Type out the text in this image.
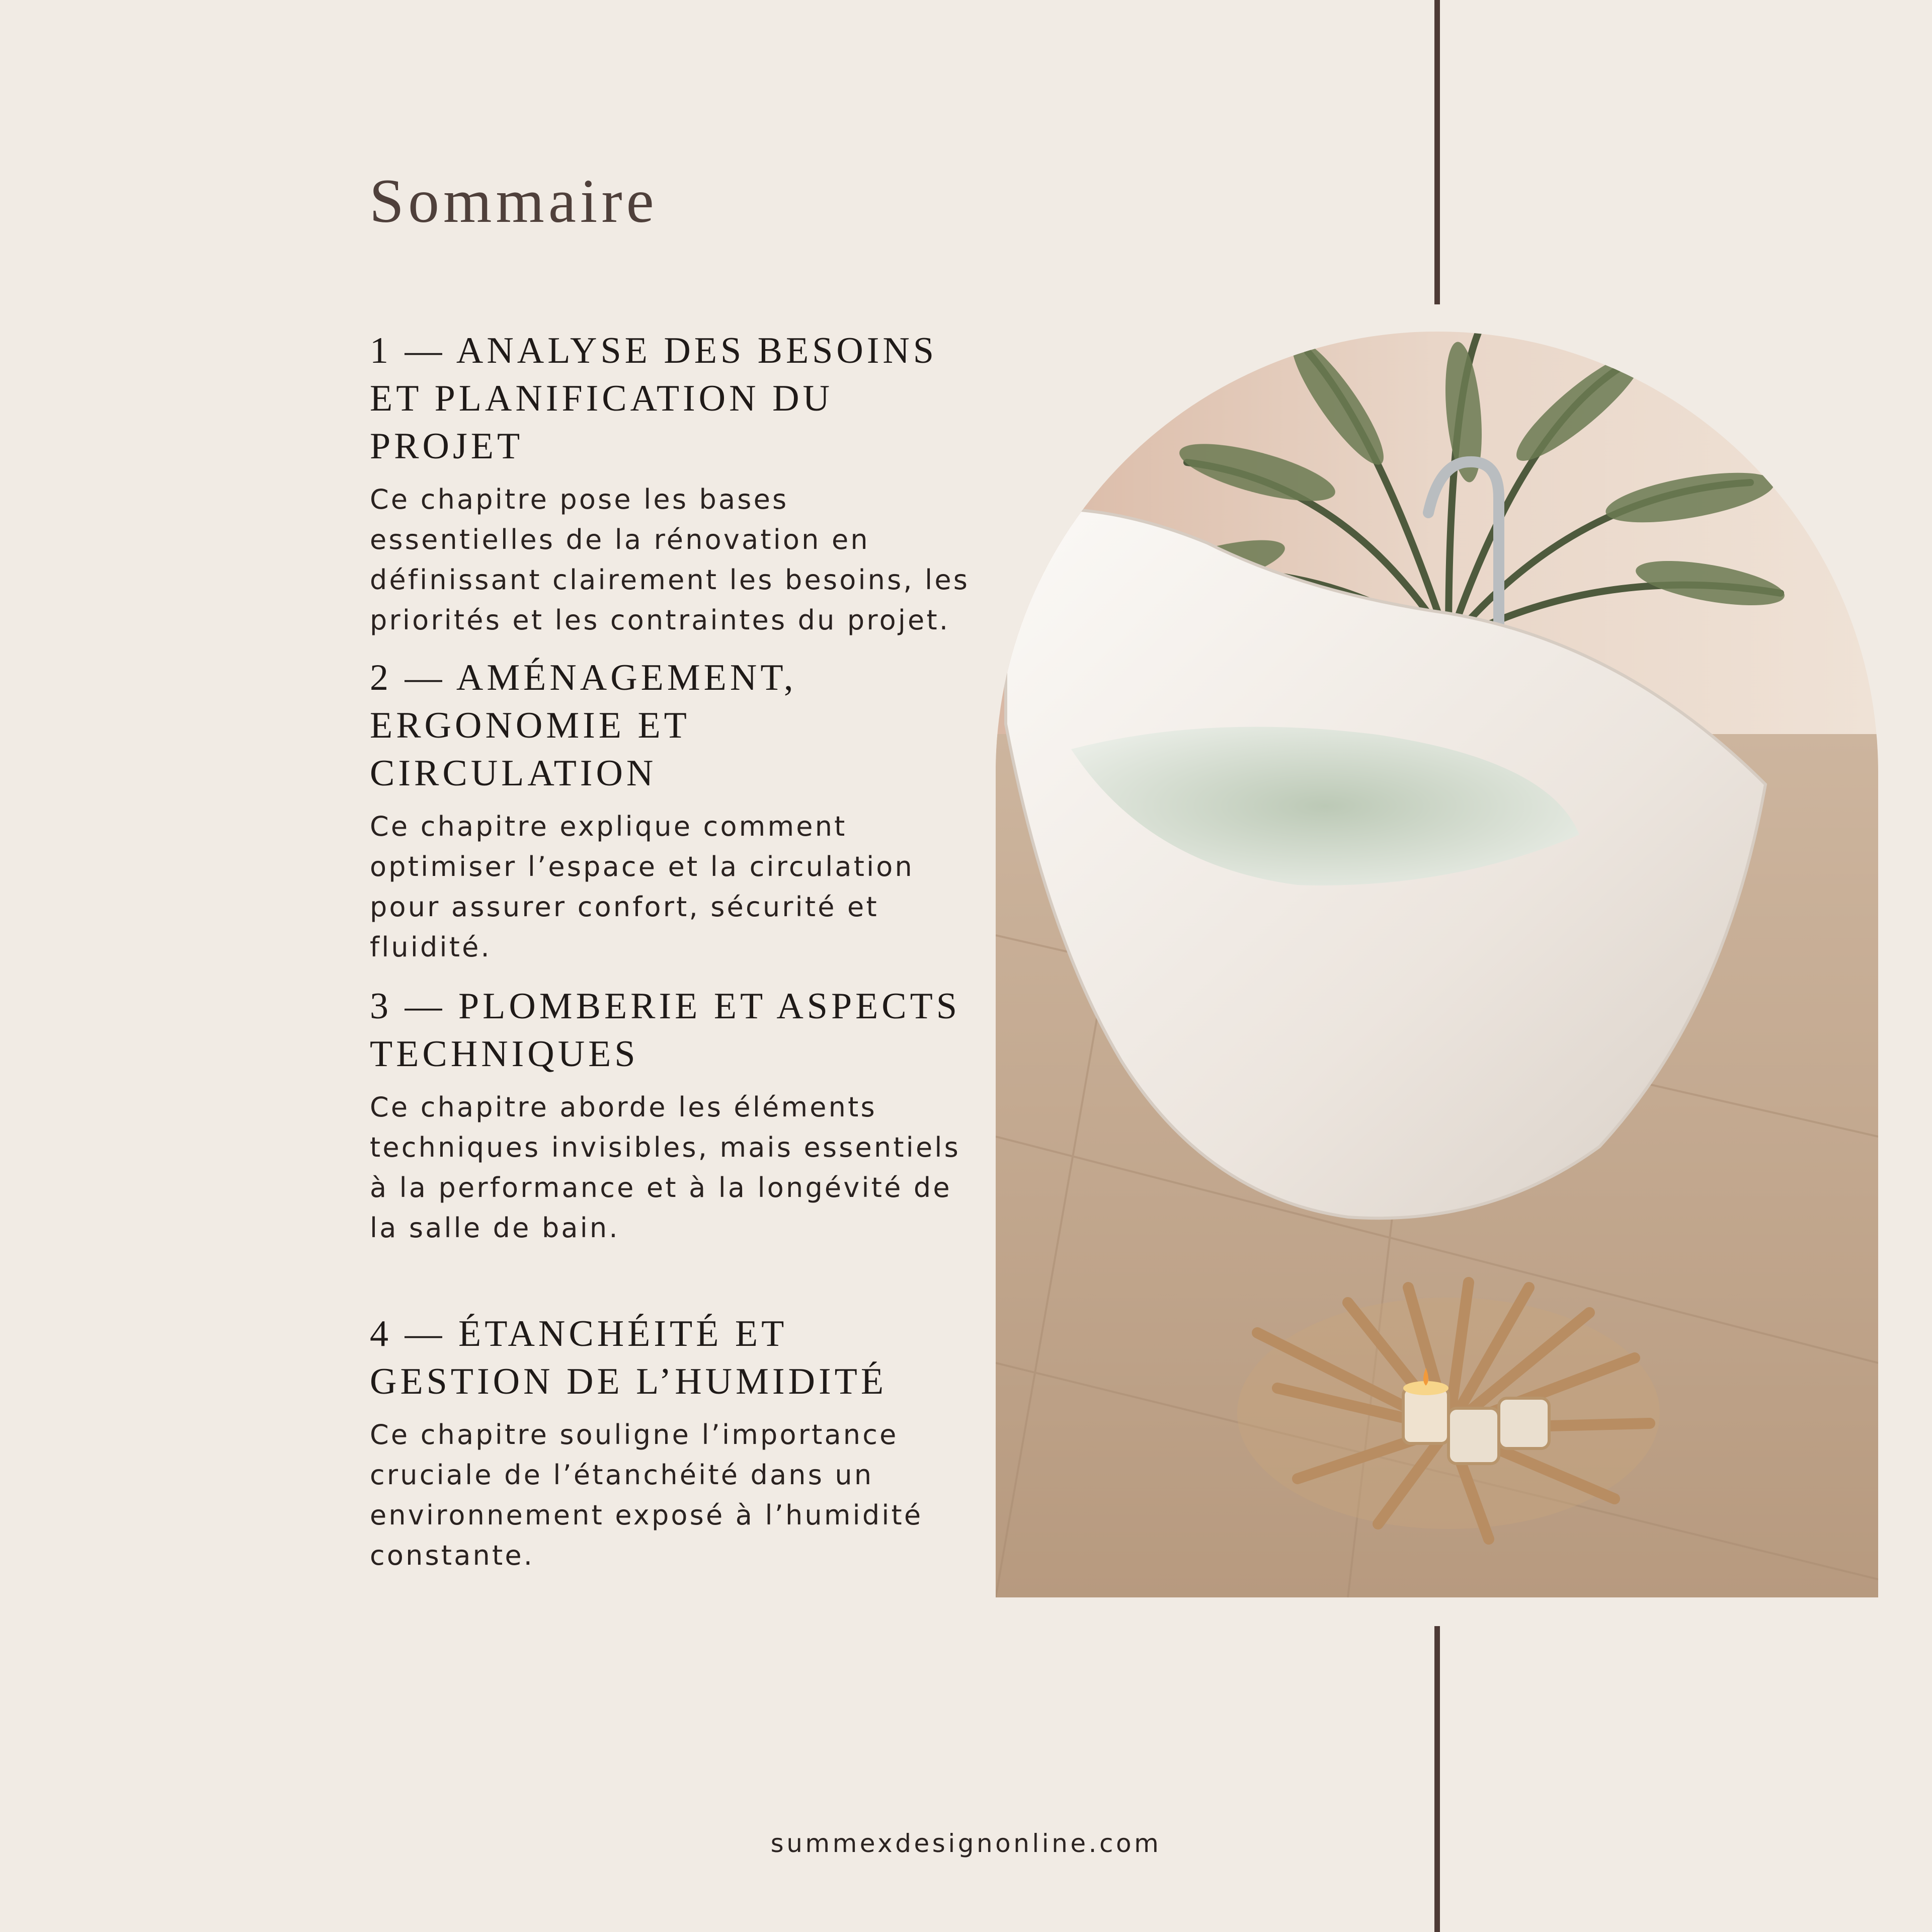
Sommaire
1 — ANALYSE DES BESOINS ET PLANIFICATION DU PROJET

Ce chapitre pose les bases essentielles de la rénovation en définissant clairement les besoins, les priorités et les contraintes du projet.

2 — AMÉNAGEMENT, ERGONOMIE ET CIRCULATION

Ce chapitre explique comment optimiser l’espace et la circulation pour assurer confort, sécurité et fluidité.

3 — PLOMBERIE ET ASPECTS TECHNIQUES

Ce chapitre aborde les éléments techniques invisibles, mais essentiels à la performance et à la longévité de la salle de bain.

4 — ÉTANCHÉITÉ ET GESTION DE L’HUMIDITÉ

Ce chapitre souligne l’importance cruciale de l’étanchéité dans un environnement exposé à l’humidité constante.

summexdesignonline.com
